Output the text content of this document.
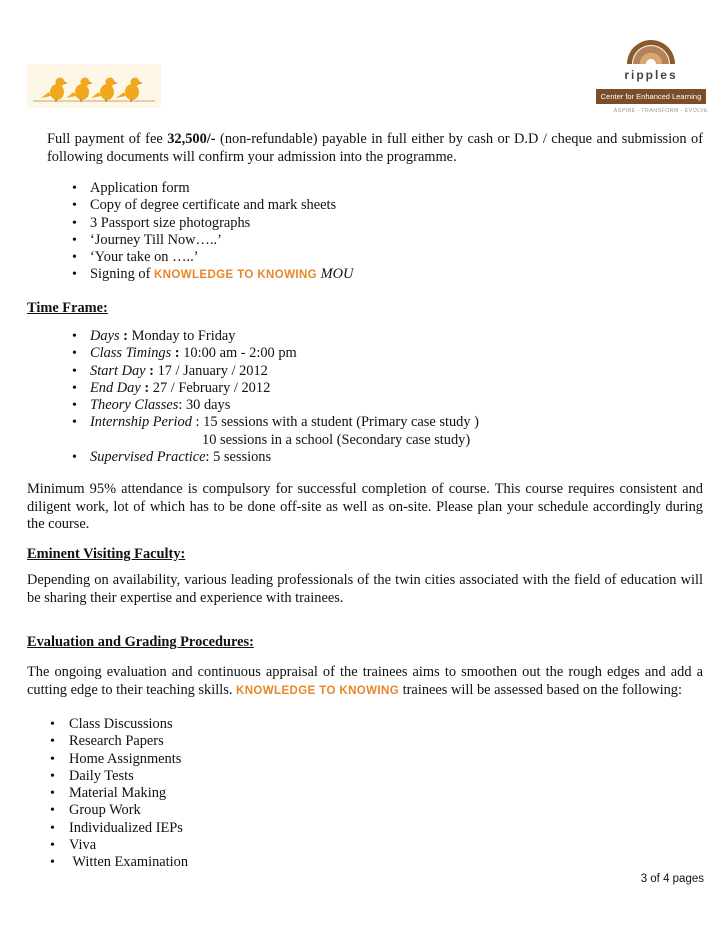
ripples
Center for Enhanced Learning
ASPIRE - TRANSFORM - EVOLVE

Full payment of fee 32,500/- (non-refundable) payable in full either by cash or D.D / cheque and submission of following documents will confirm your admission into the programme.

• Application form
• Copy of degree certificate and mark sheets
• 3 Passport size photographs
• ‘Journey Till Now…..’
• ‘Your take on …..’
• Signing of KNOWLEDGE TO KNOWING MOU

Time Frame:

• Days : Monday to Friday
• Class Timings : 10:00 am - 2:00 pm
• Start Day : 17 / January / 2012
• End Day : 27 / February / 2012
• Theory Classes: 30 days
• Internship Period : 15 sessions with a student (Primary case study )
10 sessions in a school (Secondary case study)
• Supervised Practice: 5 sessions

Minimum 95% attendance is compulsory for successful completion of course. This course requires consistent and diligent work, lot of which has to be done off-site as well as on-site. Please plan your schedule accordingly during the course.

Eminent Visiting Faculty:

Depending on availability, various leading professionals of the twin cities associated with the field of education will be sharing their expertise and experience with trainees.

Evaluation and Grading Procedures:

The ongoing evaluation and continuous appraisal of the trainees aims to smoothen out the rough edges and add a cutting edge to their teaching skills. KNOWLEDGE TO KNOWING trainees will be assessed based on the following:

• Class Discussions
• Research Papers
• Home Assignments
• Daily Tests
• Material Making
• Group Work
• Individualized IEPs
• Viva
•  Witten Examination
3 of 4 pages
